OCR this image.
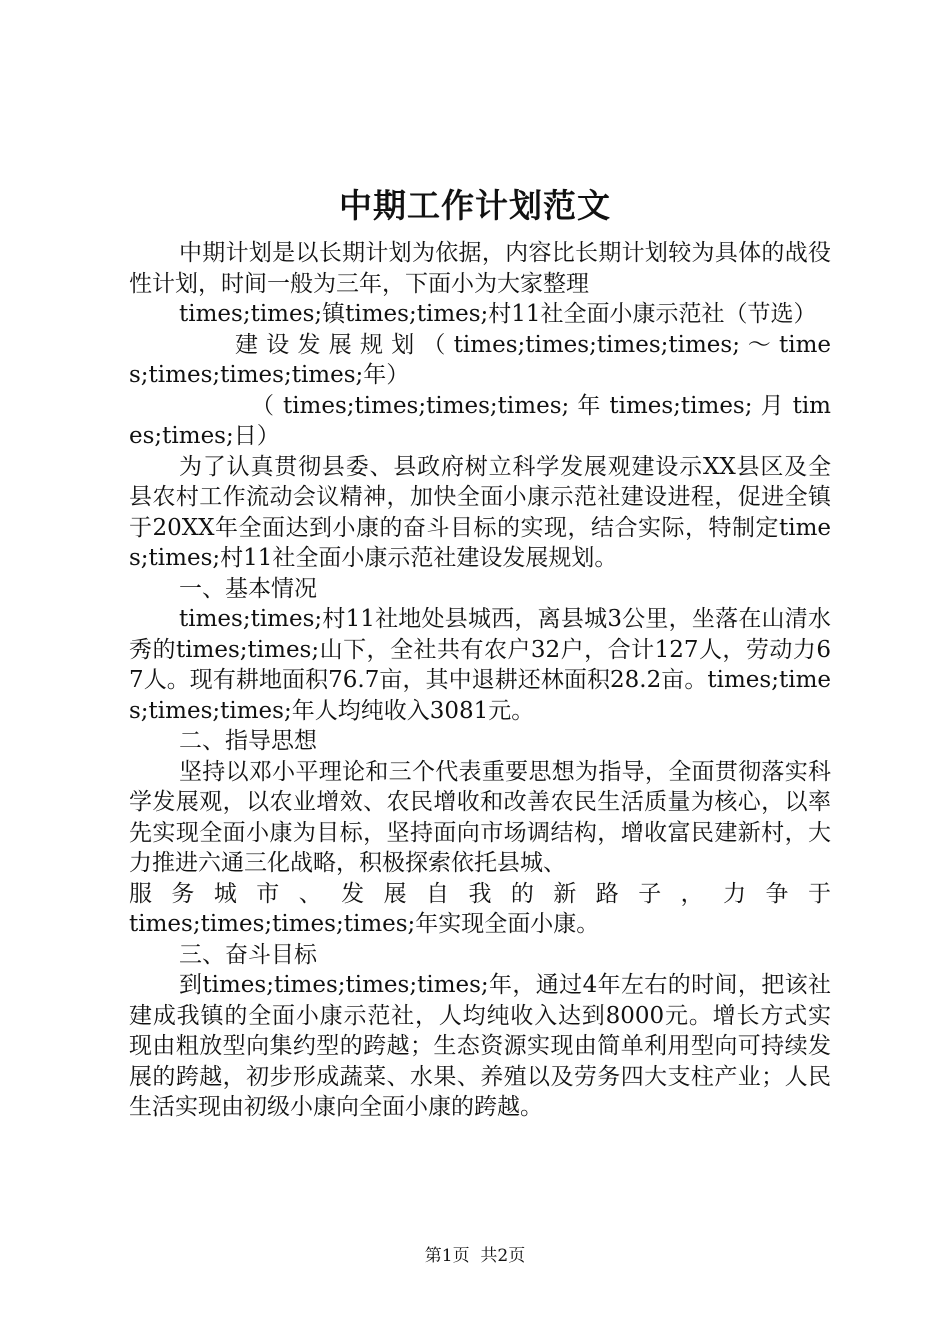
中期工作计划范文

中期计划是以长期计划为依据，内容比长期计划较为具体的战役性计划，时间一般为三年，下面小为大家整理

times;times;镇times;times;村11社全面小康示范社（节选）

建 设 发 展 规 划 （ times;times;times;times; ～ times;times;times;times;年）

（ times;times;times;times; 年 times;times; 月 times;times;日）

为了认真贯彻县委、县政府树立科学发展观建设示XX县区及全县农村工作流动会议精神，加快全面小康示范社建设进程，促进全镇于20XX年全面达到小康的奋斗目标的实现，结合实际，特制定times;times;村11社全面小康示范社建设发展规划。

一、基本情况

times;times;村11社地处县城西，离县城3公里，坐落在山清水秀的times;times;山下，全社共有农户32户，合计127人，劳动力67人。现有耕地面积76.7亩，其中退耕还林面积28.2亩。times;times;times;times;年人均纯收入3081元。

二、指导思想

坚持以邓小平理论和三个代表重要思想为指导，全面贯彻落实科学发展观，以农业增效、农民增收和改善农民生活质量为核心，以率先实现全面小康为目标，坚持面向市场调结构，增收富民建新村，大力推进六通三化战略，积极探索依托县城、

服 务 城 市 、 发 展 自 我 的 新 路 子 ， 力 争 于

times;times;times;times;年实现全面小康。

三、奋斗目标

到times;times;times;times;年，通过4年左右的时间，把该社建成我镇的全面小康示范社，人均纯收入达到8000元。增长方式实现由粗放型向集约型的跨越；生态资源实现由简单利用型向可持续发展的跨越，初步形成蔬菜、水果、养殖以及劳务四大支柱产业；人民生活实现由初级小康向全面小康的跨越。

第1页  共2页
